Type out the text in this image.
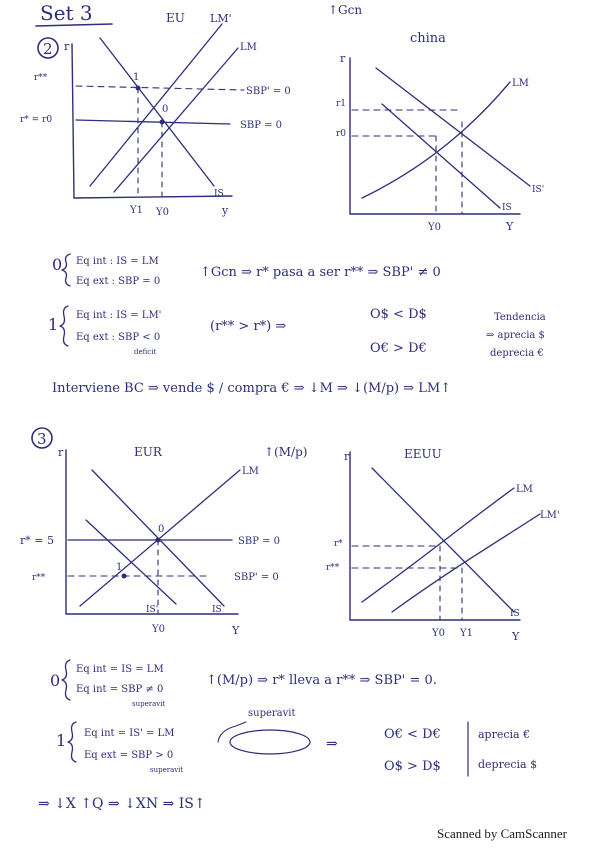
Set 3	↑Gcn
2
EU LM'
r
1
0
LM
IS
r**
r* = r0
SBP' = 0
SBP = 0
Y1 Y0	y
china
r
LM
IS'
IS
r1
r0
Y0	Y
0 Eq int : IS = LM
Eq ext : SBP = 0
↑Gcn ⇒ r* pasa a ser r** ⇒ SBP' ≠ 0
1 Eq int : IS = LM'
Eq ext : SBP < 0
deficit
(r** > r*) ⇒
O$ < D$
O€ > D€
Tendencia
⇒ aprecia $
deprecia €
Interviene BC ⇒ vende $ / compra € ⇒ ↓M ⇒ ↓(M/p) ⇒ LM↑
3
EUR	↑(M/p)
r
0
1
LM
IS'	IS
r* = 5
r**
SBP = 0
SBP' = 0
Y0	Y
EEUU
r
LM
LM'
IS
r*
r**
Y0 Y1	Y
0
Eq int = IS = LM
Eq int = SBP ≠ 0
superavit
↑(M/p) ⇒ r* lleva a r** ⇒ SBP' = 0.
1 Eq int = IS' = LM
Eq ext = SBP > 0
superavit
superavit
⇒
O€ < D€
O$ > D$
aprecia €
deprecia $
⇒ ↓X ↑Q ⇒ ↓XN ⇒ IS↑
Scanned by CamScanner
